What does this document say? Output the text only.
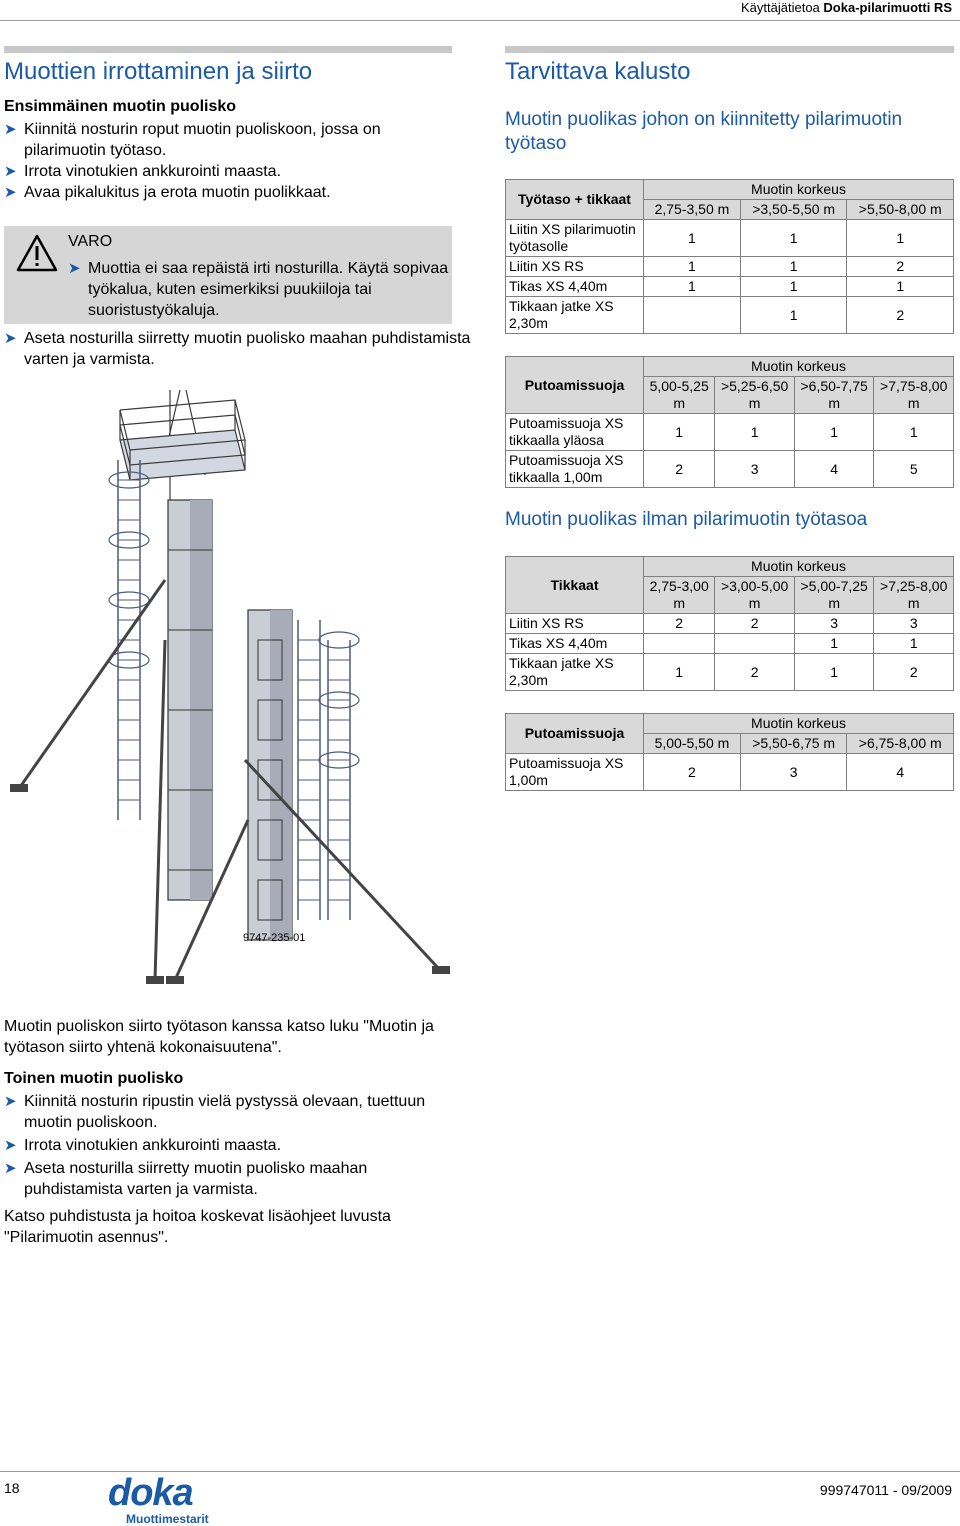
Käyttäjätietoa Doka-pilarimuotti RS
Muottien irrottaminen ja siirto
Ensimmäinen muotin puolisko
➤ Kiinnitä nosturin roput muotin puoliskoon, jossa on pilarimuotin työtaso.
➤ Irrota vinotukien ankkurointi maasta.
➤ Avaa pikalukitus ja erota muotin puolikkaat.
VARO
➤ Muottia ei saa repäistä irti nosturilla. Käytä sopivaa työkalua, kuten esimerkiksi puukiiloja tai suoristustyökaluja.
➤ Aseta nosturilla siirretty muotin puolisko maahan puhdistamista varten ja varmista.
9747-235-01
Muotin puoliskon siirto työtason kanssa katso luku "Muotin ja työtason siirto yhtenä kokonaisuutena".
Toinen muotin puolisko
➤ Kiinnitä nosturin ripustin vielä pystyssä olevaan, tuettuun muotin puoliskoon.
➤ Irrota vinotukien ankkurointi maasta.
➤ Aseta nosturilla siirretty muotin puolisko maahan puhdistamista varten ja varmista.
Katso puhdistusta ja hoitoa koskevat lisäohjeet luvusta "Pilarimuotin asennus".
Tarvittava kalusto
Muotin puolikas johon on kiinnitetty pilarimuotin työtaso
Työtaso + tikkaat	Muotin korkeus		
	2,75-3,50 m	>3,50-5,50 m	>5,50-8,00 m
Liitin XS pilarimuotin työtasolle	1	1	1
Liitin XS RS	1	1	2
Tikas XS 4,40m	1	1	1
Tikkaan jatke XS 2,30m		1	2
Putoamissuoja	Muotin korkeus			
	5,00-5,25 m	>5,25-6,50 m	>6,50-7,75 m	>7,75-8,00 m
Putoamissuoja XS tikkaalla yläosa	1	1	1	1
Putoamissuoja XS tikkaalla 1,00m	2	3	4	5
Muotin puolikas ilman pilarimuotin työtasoa
Tikkaat	Muotin korkeus			
	2,75-3,00 m	>3,00-5,00 m	>5,00-7,25 m	>7,25-8,00 m
Liitin XS RS	2	2	3	3
Tikas XS 4,40m			1	1
Tikkaan jatke XS 2,30m	1	2	1	2
Putoamissuoja	Muotin korkeus		
	5,00-5,50 m	>5,50-6,75 m	>6,75-8,00 m
Putoamissuoja XS 1,00m	2	3	4
18 doka
Muottimestarit
999747011 - 09/2009
